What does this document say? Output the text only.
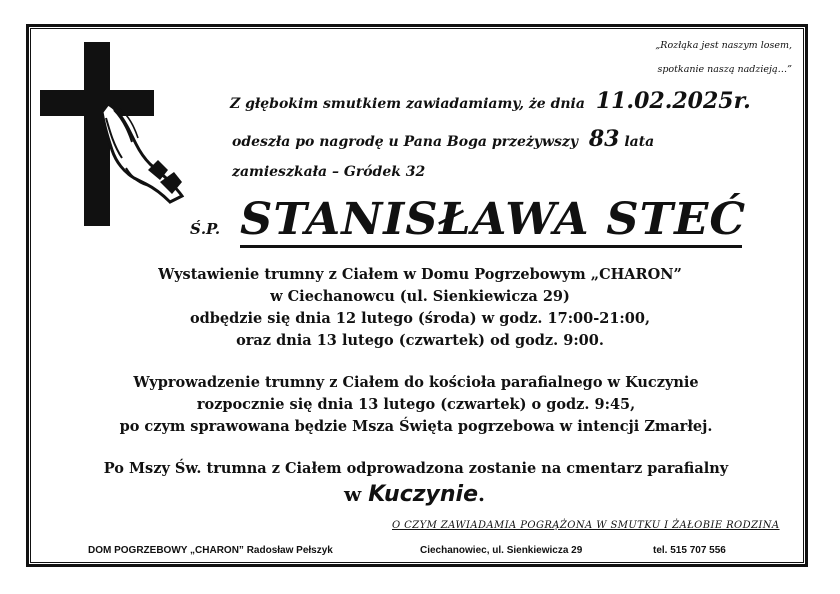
„Rozłąka jest naszym losem,
spotkanie naszą nadzieją…”
Z głębokim smutkiem zawiadamiamy, że dnia 11.02.2025r.
odeszła po nagrodę u Pana Boga przeżywszy 83 lata
zamieszkała – Gródek 32
Ś.P. STANISŁAWA STEĆ
Wystawienie trumny z Ciałem w Domu Pogrzebowym „CHARON”
w Ciechanowcu (ul. Sienkiewicza 29)
odbędzie się dnia 12 lutego (środa) w godz. 17:00-21:00,
oraz dnia 13 lutego (czwartek) od godz. 9:00.
Wyprowadzenie trumny z Ciałem do kościoła parafialnego w Kuczynie
rozpocznie się dnia 13 lutego (czwartek) o godz. 9:45,
po czym sprawowana będzie Msza Święta pogrzebowa w intencji Zmarłej.
Po Mszy Św. trumna z Ciałem odprowadzona zostanie na cmentarz parafialny
w Kuczynie.
O CZYM ZAWIADAMIA POGRĄŻONA W SMUTKU I ŻAŁOBIE RODZINA
DOM POGRZEBOWY „CHARON” Radosław Pełszyk	Ciechanowiec, ul. Sienkiewicza 29	tel. 515 707 556
